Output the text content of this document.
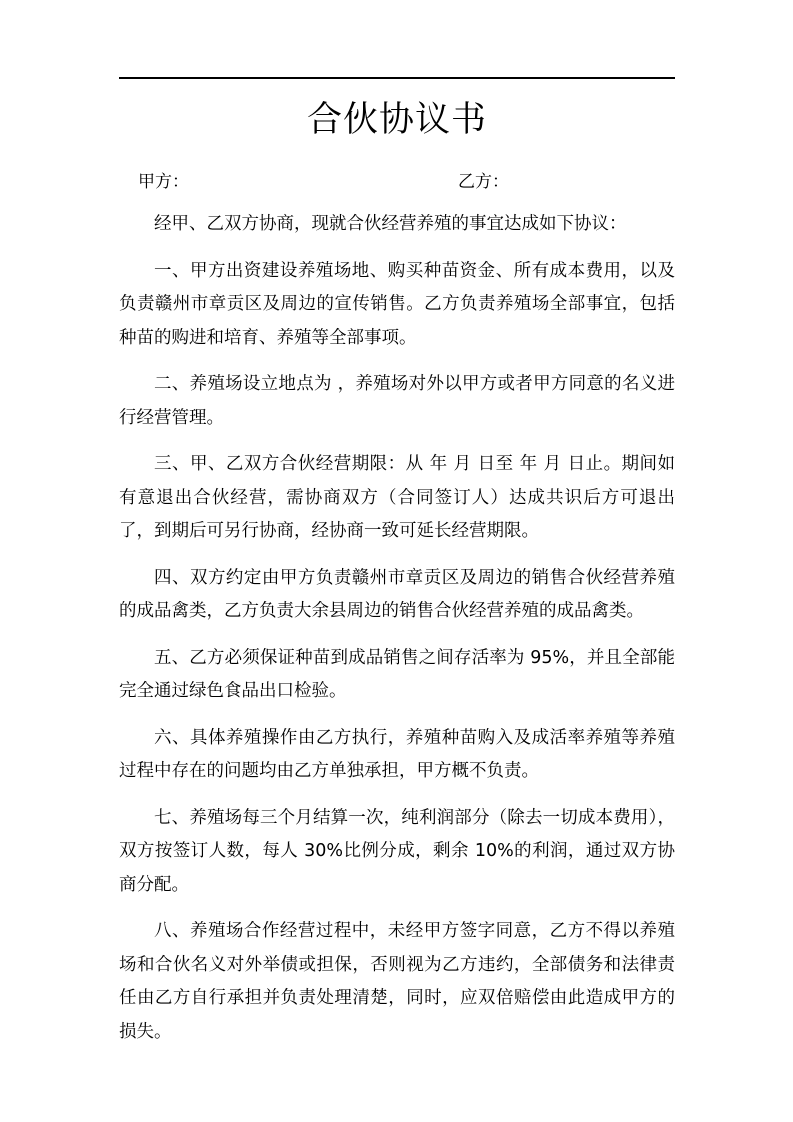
合伙协议书
甲方：	乙方：

经甲、乙双方协商，现就合伙经营养殖的事宜达成如下协议：

一、甲方出资建设养殖场地、购买种苗资金、所有成本费用，以及负责赣州市章贡区及周边的宣传销售。乙方负责养殖场全部事宜，包括种苗的购进和培育、养殖等全部事项。

二、养殖场设立地点为 ，养殖场对外以甲方或者甲方同意的名义进行经营管理。

三、甲、乙双方合伙经营期限：从 年 月 日至 年 月 日止。期间如有意退出合伙经营，需协商双方（合同签订人）达成共识后方可退出了，到期后可另行协商，经协商一致可延长经营期限。

四、双方约定由甲方负责赣州市章贡区及周边的销售合伙经营养殖的成品禽类，乙方负责大余县周边的销售合伙经营养殖的成品禽类。

五、乙方必须保证种苗到成品销售之间存活率为 95%，并且全部能完全通过绿色食品出口检验。

六、具体养殖操作由乙方执行，养殖种苗购入及成活率养殖等养殖过程中存在的问题均由乙方单独承担，甲方概不负责。

七、养殖场每三个月结算一次，纯利润部分（除去一切成本费用），双方按签订人数，每人 30%比例分成，剩余 10%的利润，通过双方协商分配。

八、养殖场合作经营过程中，未经甲方签字同意，乙方不得以养殖场和合伙名义对外举债或担保，否则视为乙方违约，全部债务和法律责任由乙方自行承担并负责处理清楚，同时，应双倍赔偿由此造成甲方的损失。
